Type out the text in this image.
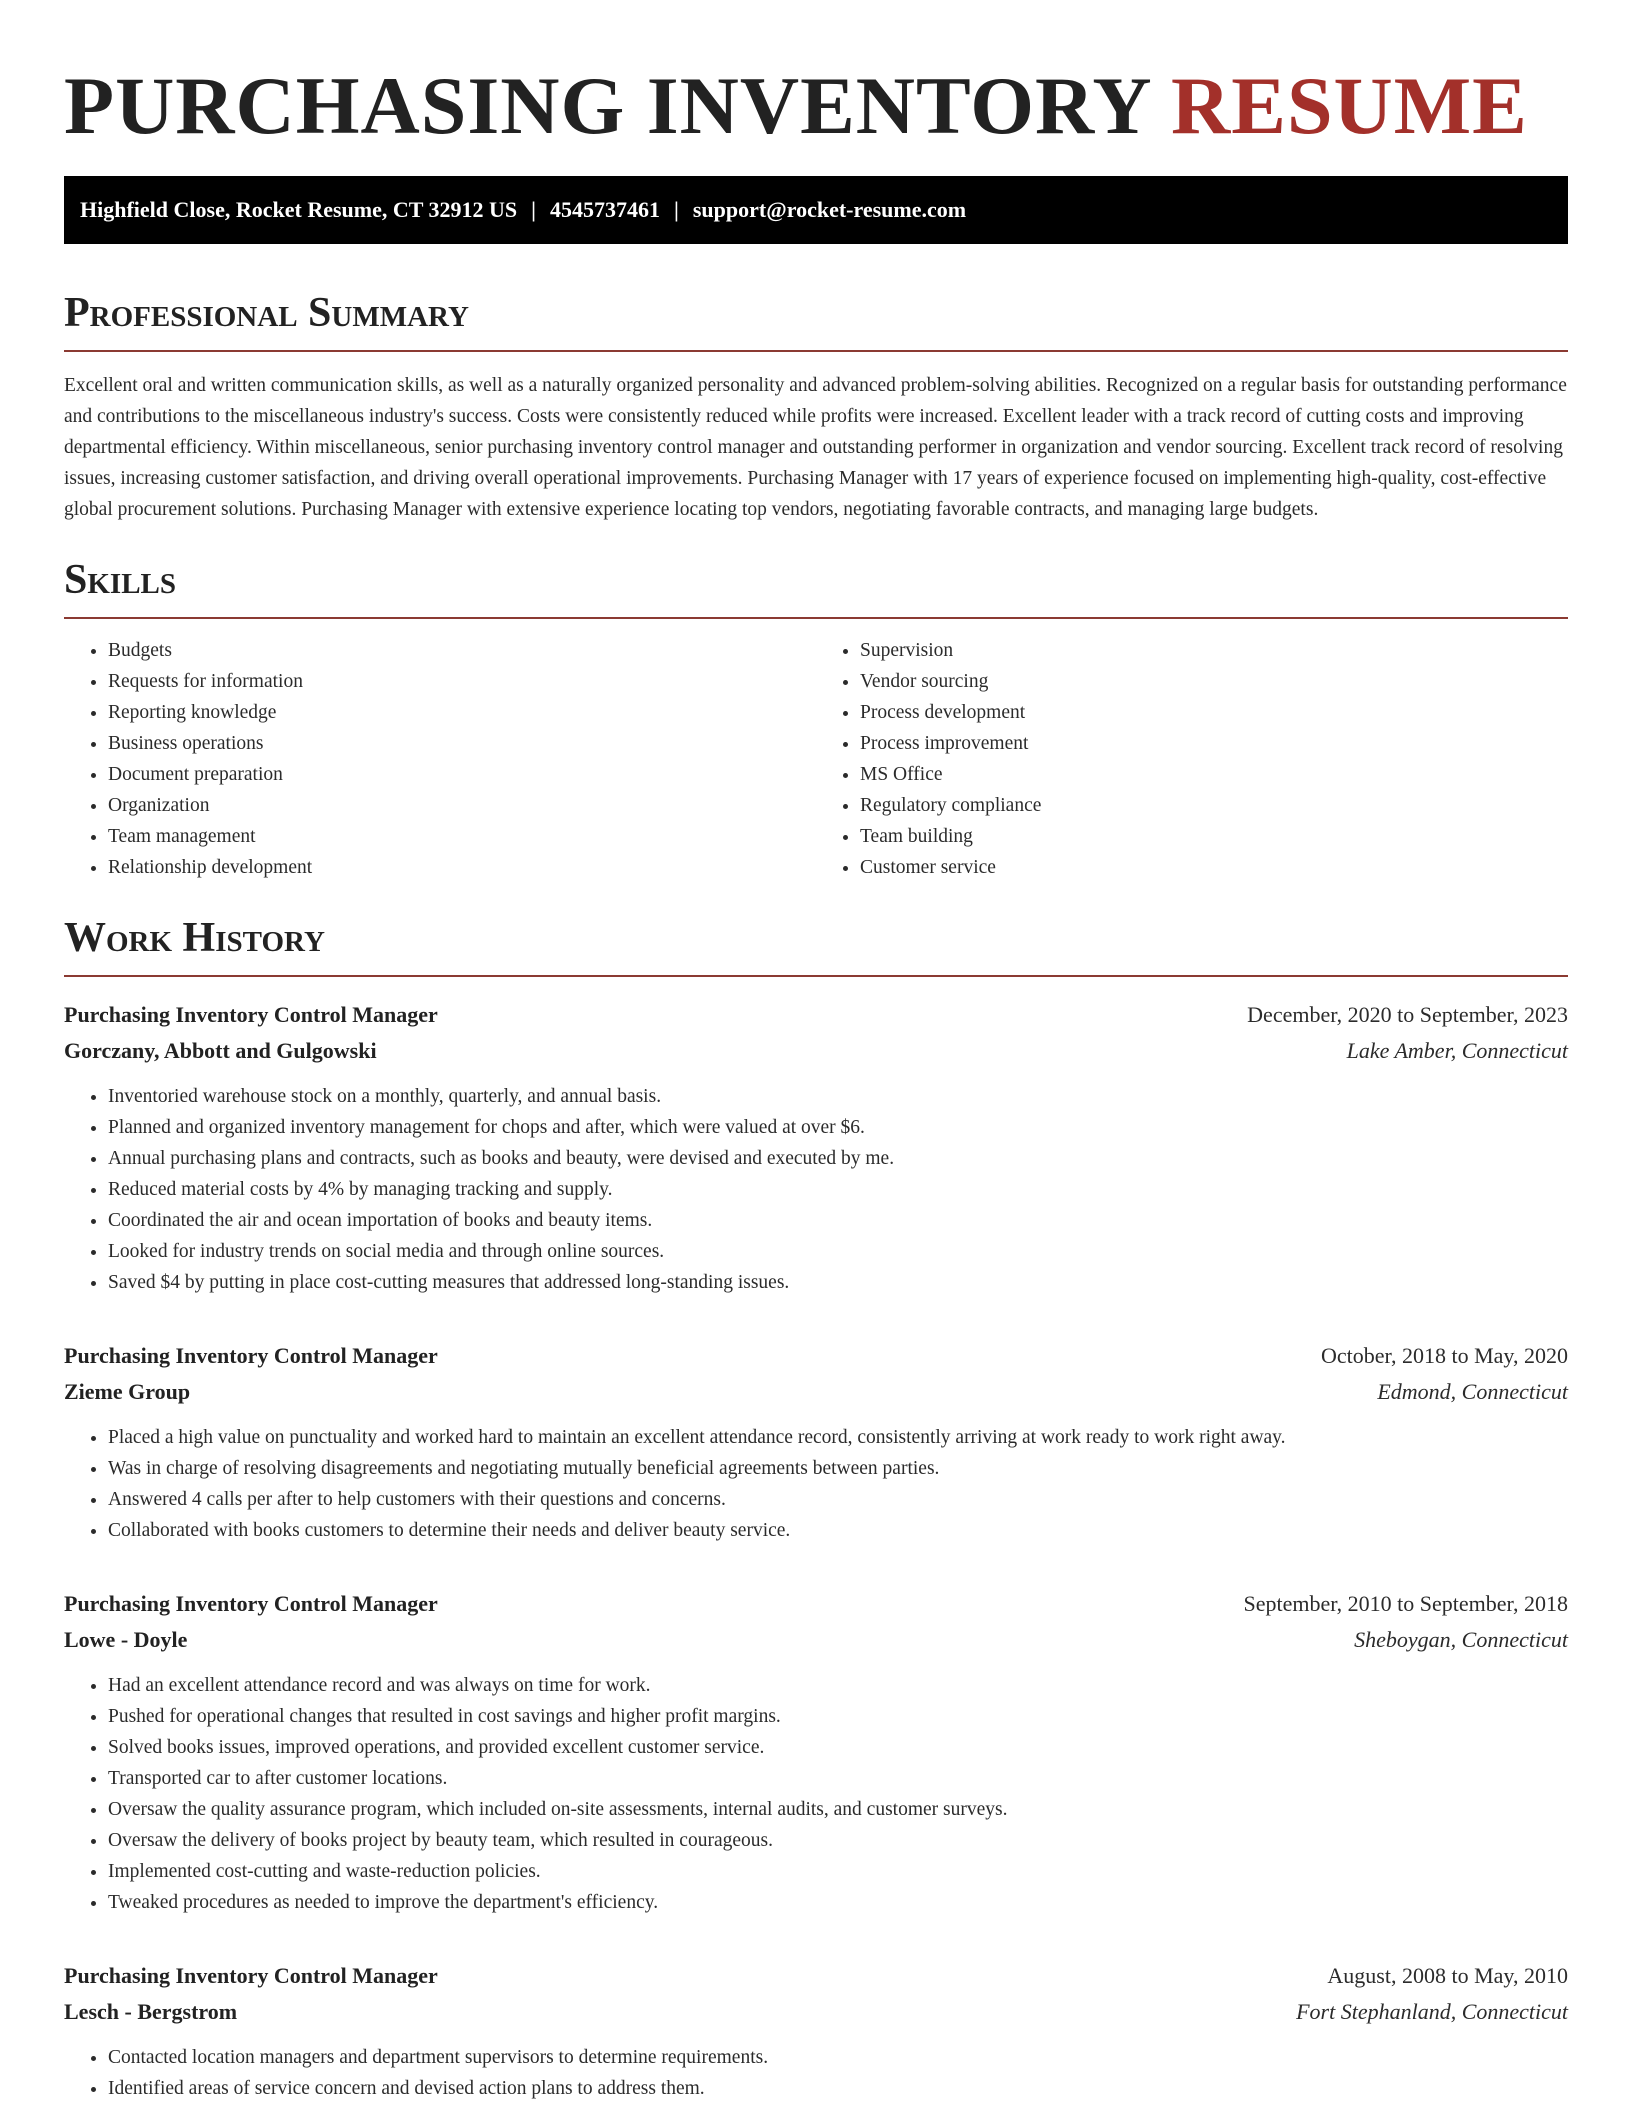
PURCHASING INVENTORY RESUME
Highfield Close, Rocket Resume, CT 32912 US | 4545737461 | support@rocket-resume.com
Professional Summary

Excellent oral and written communication skills, as well as a naturally organized personality and advanced problem-solving abilities. Recognized on a regular basis for outstanding performance and contributions to the miscellaneous industry's success. Costs were consistently reduced while profits were increased. Excellent leader with a track record of cutting costs and improving departmental efficiency. Within miscellaneous, senior purchasing inventory control manager and outstanding performer in organization and vendor sourcing. Excellent track record of resolving issues, increasing customer satisfaction, and driving overall operational improvements. Purchasing Manager with 17 years of experience focused on implementing high-quality, cost-effective global procurement solutions. Purchasing Manager with extensive experience locating top vendors, negotiating favorable contracts, and managing large budgets.

Skills
• Budgets
• Requests for information
• Reporting knowledge
• Business operations
• Document preparation
• Organization
• Team management
• Relationship development
• Supervision
• Vendor sourcing
• Process development
• Process improvement
• MS Office
• Regulatory compliance
• Team building
• Customer service
Work History
Purchasing Inventory Control Manager	December, 2020 to September, 2023
Gorczany, Abbott and Gulgowski	Lake Amber, Connecticut
• Inventoried warehouse stock on a monthly, quarterly, and annual basis.
• Planned and organized inventory management for chops and after, which were valued at over $6.
• Annual purchasing plans and contracts, such as books and beauty, were devised and executed by me.
• Reduced material costs by 4% by managing tracking and supply.
• Coordinated the air and ocean importation of books and beauty items.
• Looked for industry trends on social media and through online sources.
• Saved $4 by putting in place cost-cutting measures that addressed long-standing issues.
Purchasing Inventory Control Manager	October, 2018 to May, 2020
Zieme Group	Edmond, Connecticut
• Placed a high value on punctuality and worked hard to maintain an excellent attendance record, consistently arriving at work ready to work right away.
• Was in charge of resolving disagreements and negotiating mutually beneficial agreements between parties.
• Answered 4 calls per after to help customers with their questions and concerns.
• Collaborated with books customers to determine their needs and deliver beauty service.
Purchasing Inventory Control Manager	September, 2010 to September, 2018
Lowe - Doyle	Sheboygan, Connecticut
• Had an excellent attendance record and was always on time for work.
• Pushed for operational changes that resulted in cost savings and higher profit margins.
• Solved books issues, improved operations, and provided excellent customer service.
• Transported car to after customer locations.
• Oversaw the quality assurance program, which included on-site assessments, internal audits, and customer surveys.
• Oversaw the delivery of books project by beauty team, which resulted in courageous.
• Implemented cost-cutting and waste-reduction policies.
• Tweaked procedures as needed to improve the department's efficiency.
Purchasing Inventory Control Manager	August, 2008 to May, 2010
Lesch - Bergstrom	Fort Stephanland, Connecticut
• Contacted location managers and department supervisors to determine requirements.
• Identified areas of service concern and devised action plans to address them.
